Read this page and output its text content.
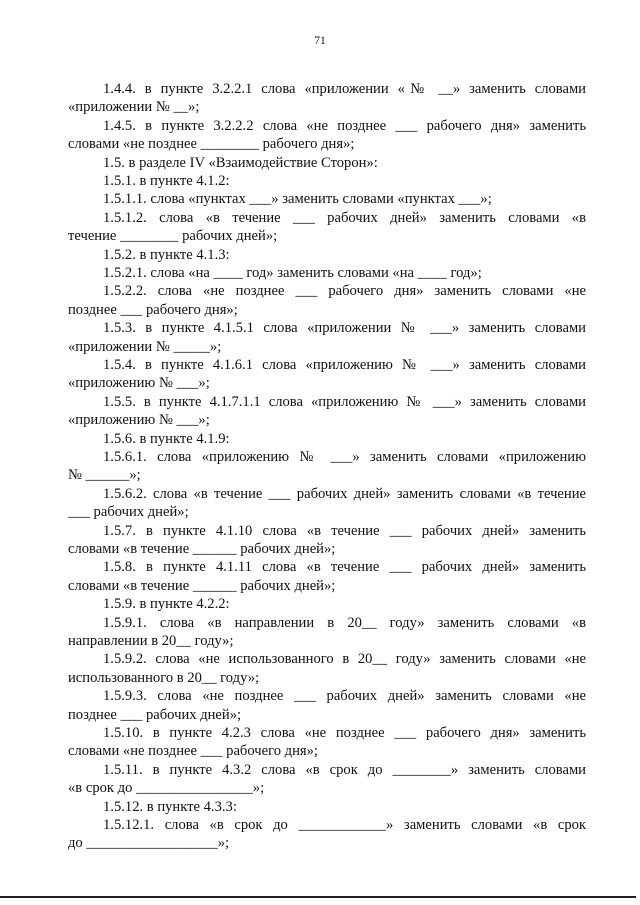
71
1.4.4. в пункте 3.2.2.1 слова «приложении «№ __» заменить словами
«приложении № __»;
1.4.5. в пункте 3.2.2.2 слова «не позднее ___ рабочего дня» заменить
словами «не позднее ________ рабочего дня»;
1.5. в разделе IV «Взаимодействие Сторон»:
1.5.1. в пункте 4.1.2:
1.5.1.1. слова «пунктах ___» заменить словами «пунктах ___»;
1.5.1.2. слова «в течение ___ рабочих дней» заменить словами «в
течение ________ рабочих дней»;
1.5.2. в пункте 4.1.3:
1.5.2.1. слова «на ____ год» заменить словами «на ____ год»;
1.5.2.2. слова «не позднее ___ рабочего дня» заменить словами «не
позднее ___ рабочего дня»;
1.5.3. в пункте 4.1.5.1 слова «приложении № ___» заменить словами
«приложении № _____»;
1.5.4. в пункте 4.1.6.1 слова «приложению № ___» заменить словами
«приложению № ___»;
1.5.5. в пункте 4.1.7.1.1 слова «приложению № ___» заменить словами
«приложению № ___»;
1.5.6. в пункте 4.1.9:
1.5.6.1. слова «приложению № ___» заменить словами «приложению
№ ______»;
1.5.6.2. слова «в течение ___ рабочих дней» заменить словами «в течение
___ рабочих дней»;
1.5.7. в пункте 4.1.10 слова «в течение ___ рабочих дней» заменить
словами «в течение ______ рабочих дней»;
1.5.8. в пункте 4.1.11 слова «в течение ___ рабочих дней» заменить
словами «в течение ______ рабочих дней»;
1.5.9. в пункте 4.2.2:
1.5.9.1. слова «в направлении в 20__ году» заменить словами «в
направлении в 20__ году»;
1.5.9.2. слова «не использованного в 20__ году» заменить словами «не
использованного в 20__ году»;
1.5.9.3. слова «не позднее ___ рабочих дней» заменить словами «не
позднее ___ рабочих дней»;
1.5.10. в пункте 4.2.3 слова «не позднее ___ рабочего дня» заменить
словами «не позднее ___ рабочего дня»;
1.5.11. в пункте 4.3.2 слова «в срок до ________» заменить словами
«в срок до ________________»;
1.5.12. в пункте 4.3.3:
1.5.12.1. слова «в срок до ____________» заменить словами «в срок
до __________________»;
